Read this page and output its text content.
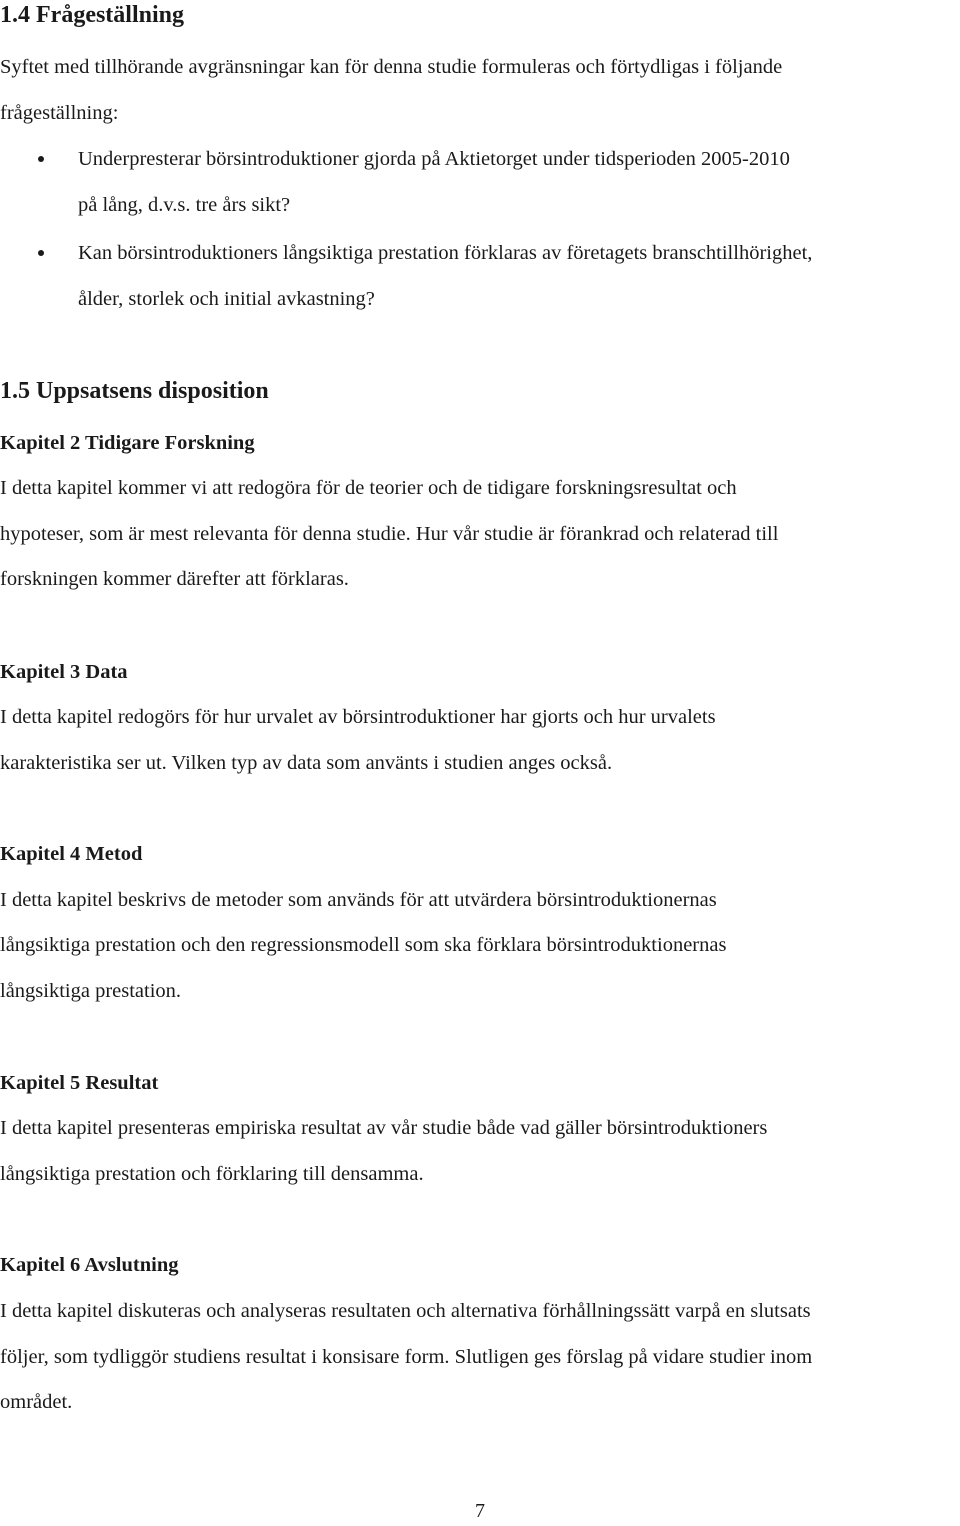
1.4 Frågeställning
Syftet med tillhörande avgränsningar kan för denna studie formuleras och förtydligas i följande
frågeställning:
Underpresterar börsintroduktioner gjorda på Aktietorget under tidsperioden 2005-2010
på lång, d.v.s. tre års sikt?
Kan börsintroduktioners långsiktiga prestation förklaras av företagets branschtillhörighet,
ålder, storlek och initial avkastning?
1.5 Uppsatsens disposition
Kapitel 2 Tidigare Forskning
I detta kapitel kommer vi att redogöra för de teorier och de tidigare forskningsresultat och
hypoteser, som är mest relevanta för denna studie. Hur vår studie är förankrad och relaterad till
forskningen kommer därefter att förklaras.
Kapitel 3 Data
I detta kapitel redogörs för hur urvalet av börsintroduktioner har gjorts och hur urvalets
karakteristika ser ut. Vilken typ av data som använts i studien anges också.
Kapitel 4 Metod
I detta kapitel beskrivs de metoder som används för att utvärdera börsintroduktionernas
långsiktiga prestation och den regressionsmodell som ska förklara börsintroduktionernas
långsiktiga prestation.
Kapitel 5 Resultat
I detta kapitel presenteras empiriska resultat av vår studie både vad gäller börsintroduktioners
långsiktiga prestation och förklaring till densamma.
Kapitel 6 Avslutning
I detta kapitel diskuteras och analyseras resultaten och alternativa förhållningssätt varpå en slutsats
följer, som tydliggör studiens resultat i konsisare form. Slutligen ges förslag på vidare studier inom
området.
7
